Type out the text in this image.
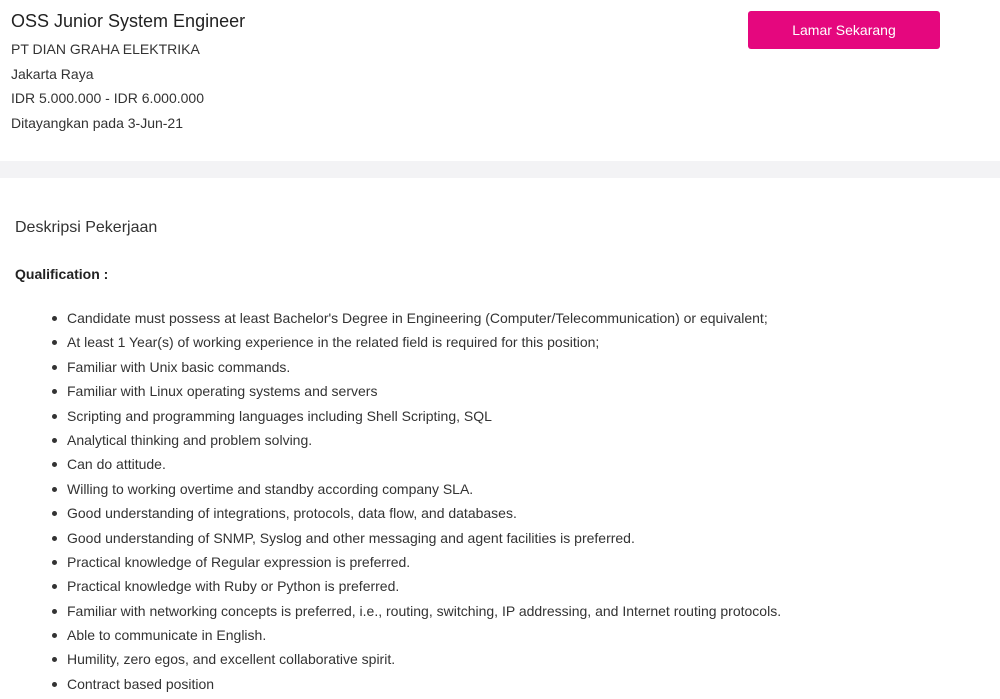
OSS Junior System Engineer
PT DIAN GRAHA ELEKTRIKA
Jakarta Raya
IDR 5.000.000 - IDR 6.000.000
Ditayangkan pada 3-Jun-21
Lamar Sekarang
Deskripsi Pekerjaan
Qualification :
Candidate must possess at least Bachelor's Degree in Engineering (Computer/Telecommunication) or equivalent;
At least 1 Year(s) of working experience in the related field is required for this position;
Familiar with Unix basic commands.
Familiar with Linux operating systems and servers
Scripting and programming languages including Shell Scripting, SQL
Analytical thinking and problem solving.
Can do attitude.
Willing to working overtime and standby according company SLA.
Good understanding of integrations, protocols, data flow, and databases.
Good understanding of SNMP, Syslog and other messaging and agent facilities is preferred.
Practical knowledge of Regular expression is preferred.
Practical knowledge with Ruby or Python is preferred.
Familiar with networking concepts is preferred, i.e., routing, switching, IP addressing, and Internet routing protocols.
Able to communicate in English.
Humility, zero egos, and excellent collaborative spirit.
Contract based position
